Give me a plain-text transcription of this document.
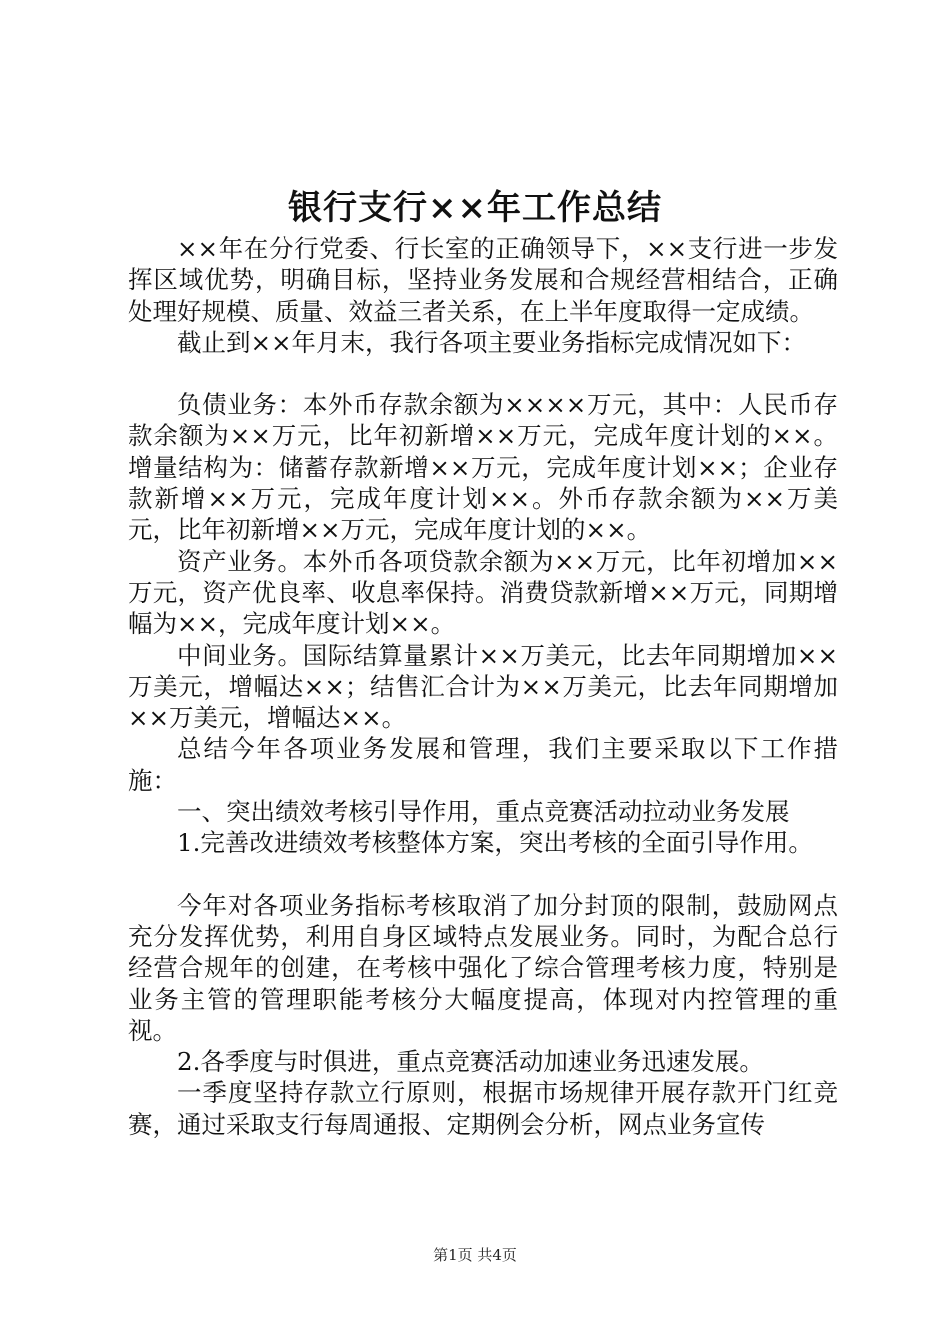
银行支行××年工作总结

××年在分行党委、行长室的正确领导下，××支行进一步发挥区域优势，明确目标，坚持业务发展和合规经营相结合，正确处理好规模、质量、效益三者关系，在上半年度取得一定成绩。

截止到××年月末，我行各项主要业务指标完成情况如下：

负债业务：本外币存款余额为××××万元，其中：人民币存款余额为××万元，比年初新增××万元，完成年度计划的××。增量结构为：储蓄存款新增××万元，完成年度计划××；企业存款新增××万元，完成年度计划××。外币存款余额为××万美元，比年初新增××万元，完成年度计划的××。

资产业务。本外币各项贷款余额为××万元，比年初增加××万元，资产优良率、收息率保持。消费贷款新增××万元，同期增幅为××，完成年度计划××。

中间业务。国际结算量累计××万美元，比去年同期增加××万美元，增幅达××；结售汇合计为××万美元，比去年同期增加××万美元，增幅达××。

总结今年各项业务发展和管理，我们主要采取以下工作措施：

一、突出绩效考核引导作用，重点竞赛活动拉动业务发展

1.完善改进绩效考核整体方案，突出考核的全面引导作用。

今年对各项业务指标考核取消了加分封顶的限制，鼓励网点充分发挥优势，利用自身区域特点发展业务。同时，为配合总行经营合规年的创建，在考核中强化了综合管理考核力度，特别是业务主管的管理职能考核分大幅度提高，体现对内控管理的重视。

2.各季度与时俱进，重点竞赛活动加速业务迅速发展。

一季度坚持存款立行原则，根据市场规律开展存款开门红竞赛，通过采取支行每周通报、定期例会分析，网点业务宣传

第1页 共4页
